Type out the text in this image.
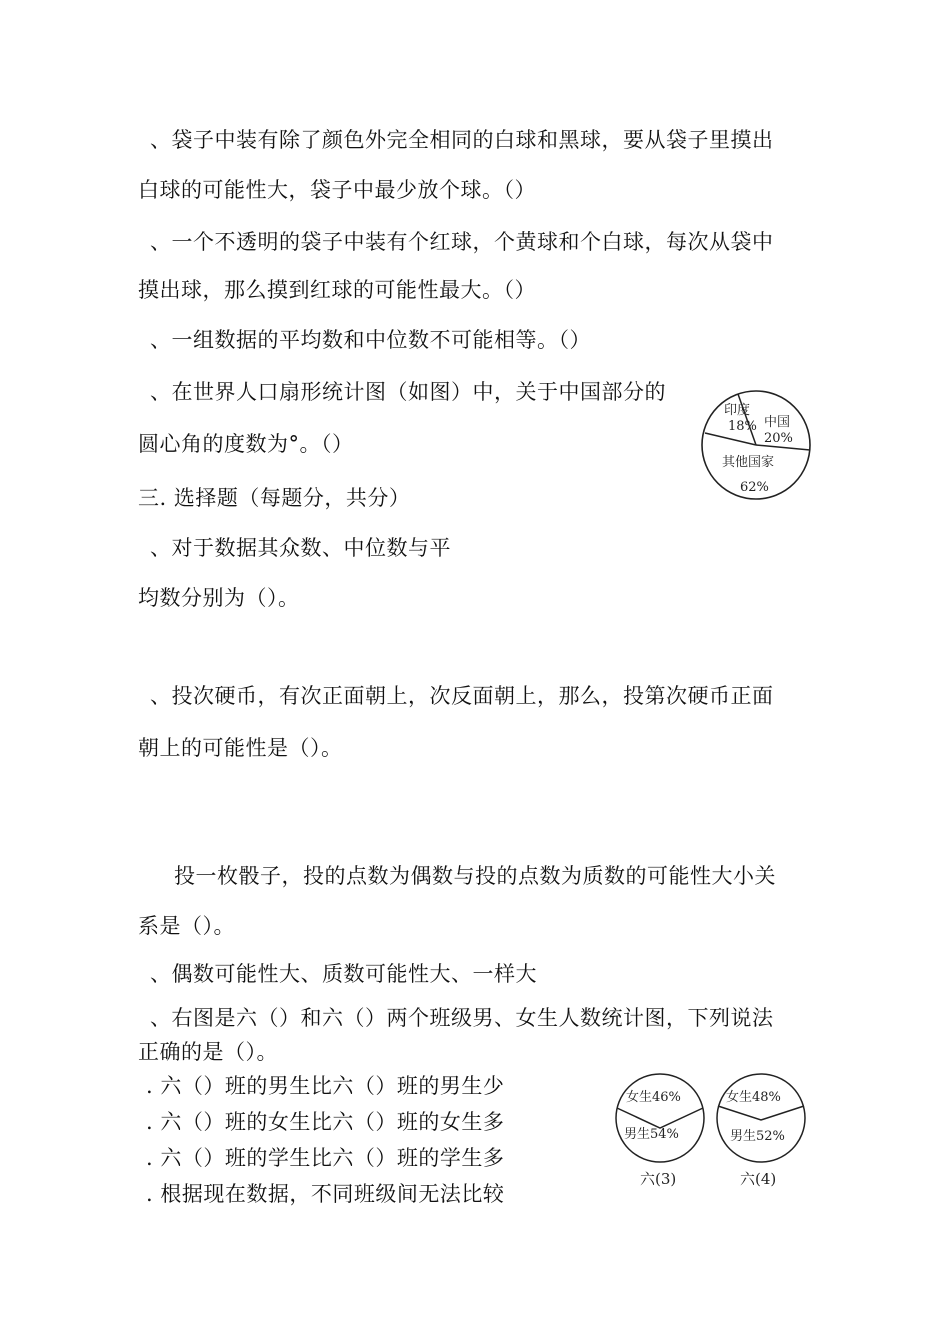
、袋子中装有除了颜色外完全相同的白球和黑球，要从袋子里摸出
白球的可能性大，袋子中最少放个球。（）
、一个不透明的袋子中装有个红球，个黄球和个白球，每次从袋中
摸出球，那么摸到红球的可能性最大。（）
、一组数据的平均数和中位数不可能相等。（）
、在世界人口扇形统计图（如图）中，关于中国部分的
圆心角的度数为°。（）
三. 选择题（每题分，共分）
、对于数据其众数、中位数与平
均数分别为（）。
、投次硬币，有次正面朝上，次反面朝上，那么，投第次硬币正面
朝上的可能性是（）。
投一枚骰子，投的点数为偶数与投的点数为质数的可能性大小关
系是（）。
、偶数可能性大、质数可能性大、一样大
、右图是六（）和六（）两个班级男、女生人数统计图，下列说法
正确的是（）。
. 六（）班的男生比六（）班的男生少
. 六（）班的女生比六（）班的女生多
. 六（）班的学生比六（）班的学生多
. 根据现在数据，不同班级间无法比较
印度
18% 中国
20%
其他国家
62%
女生46%
男生54%
六(3)
女生48%
男生52%
六(4)
